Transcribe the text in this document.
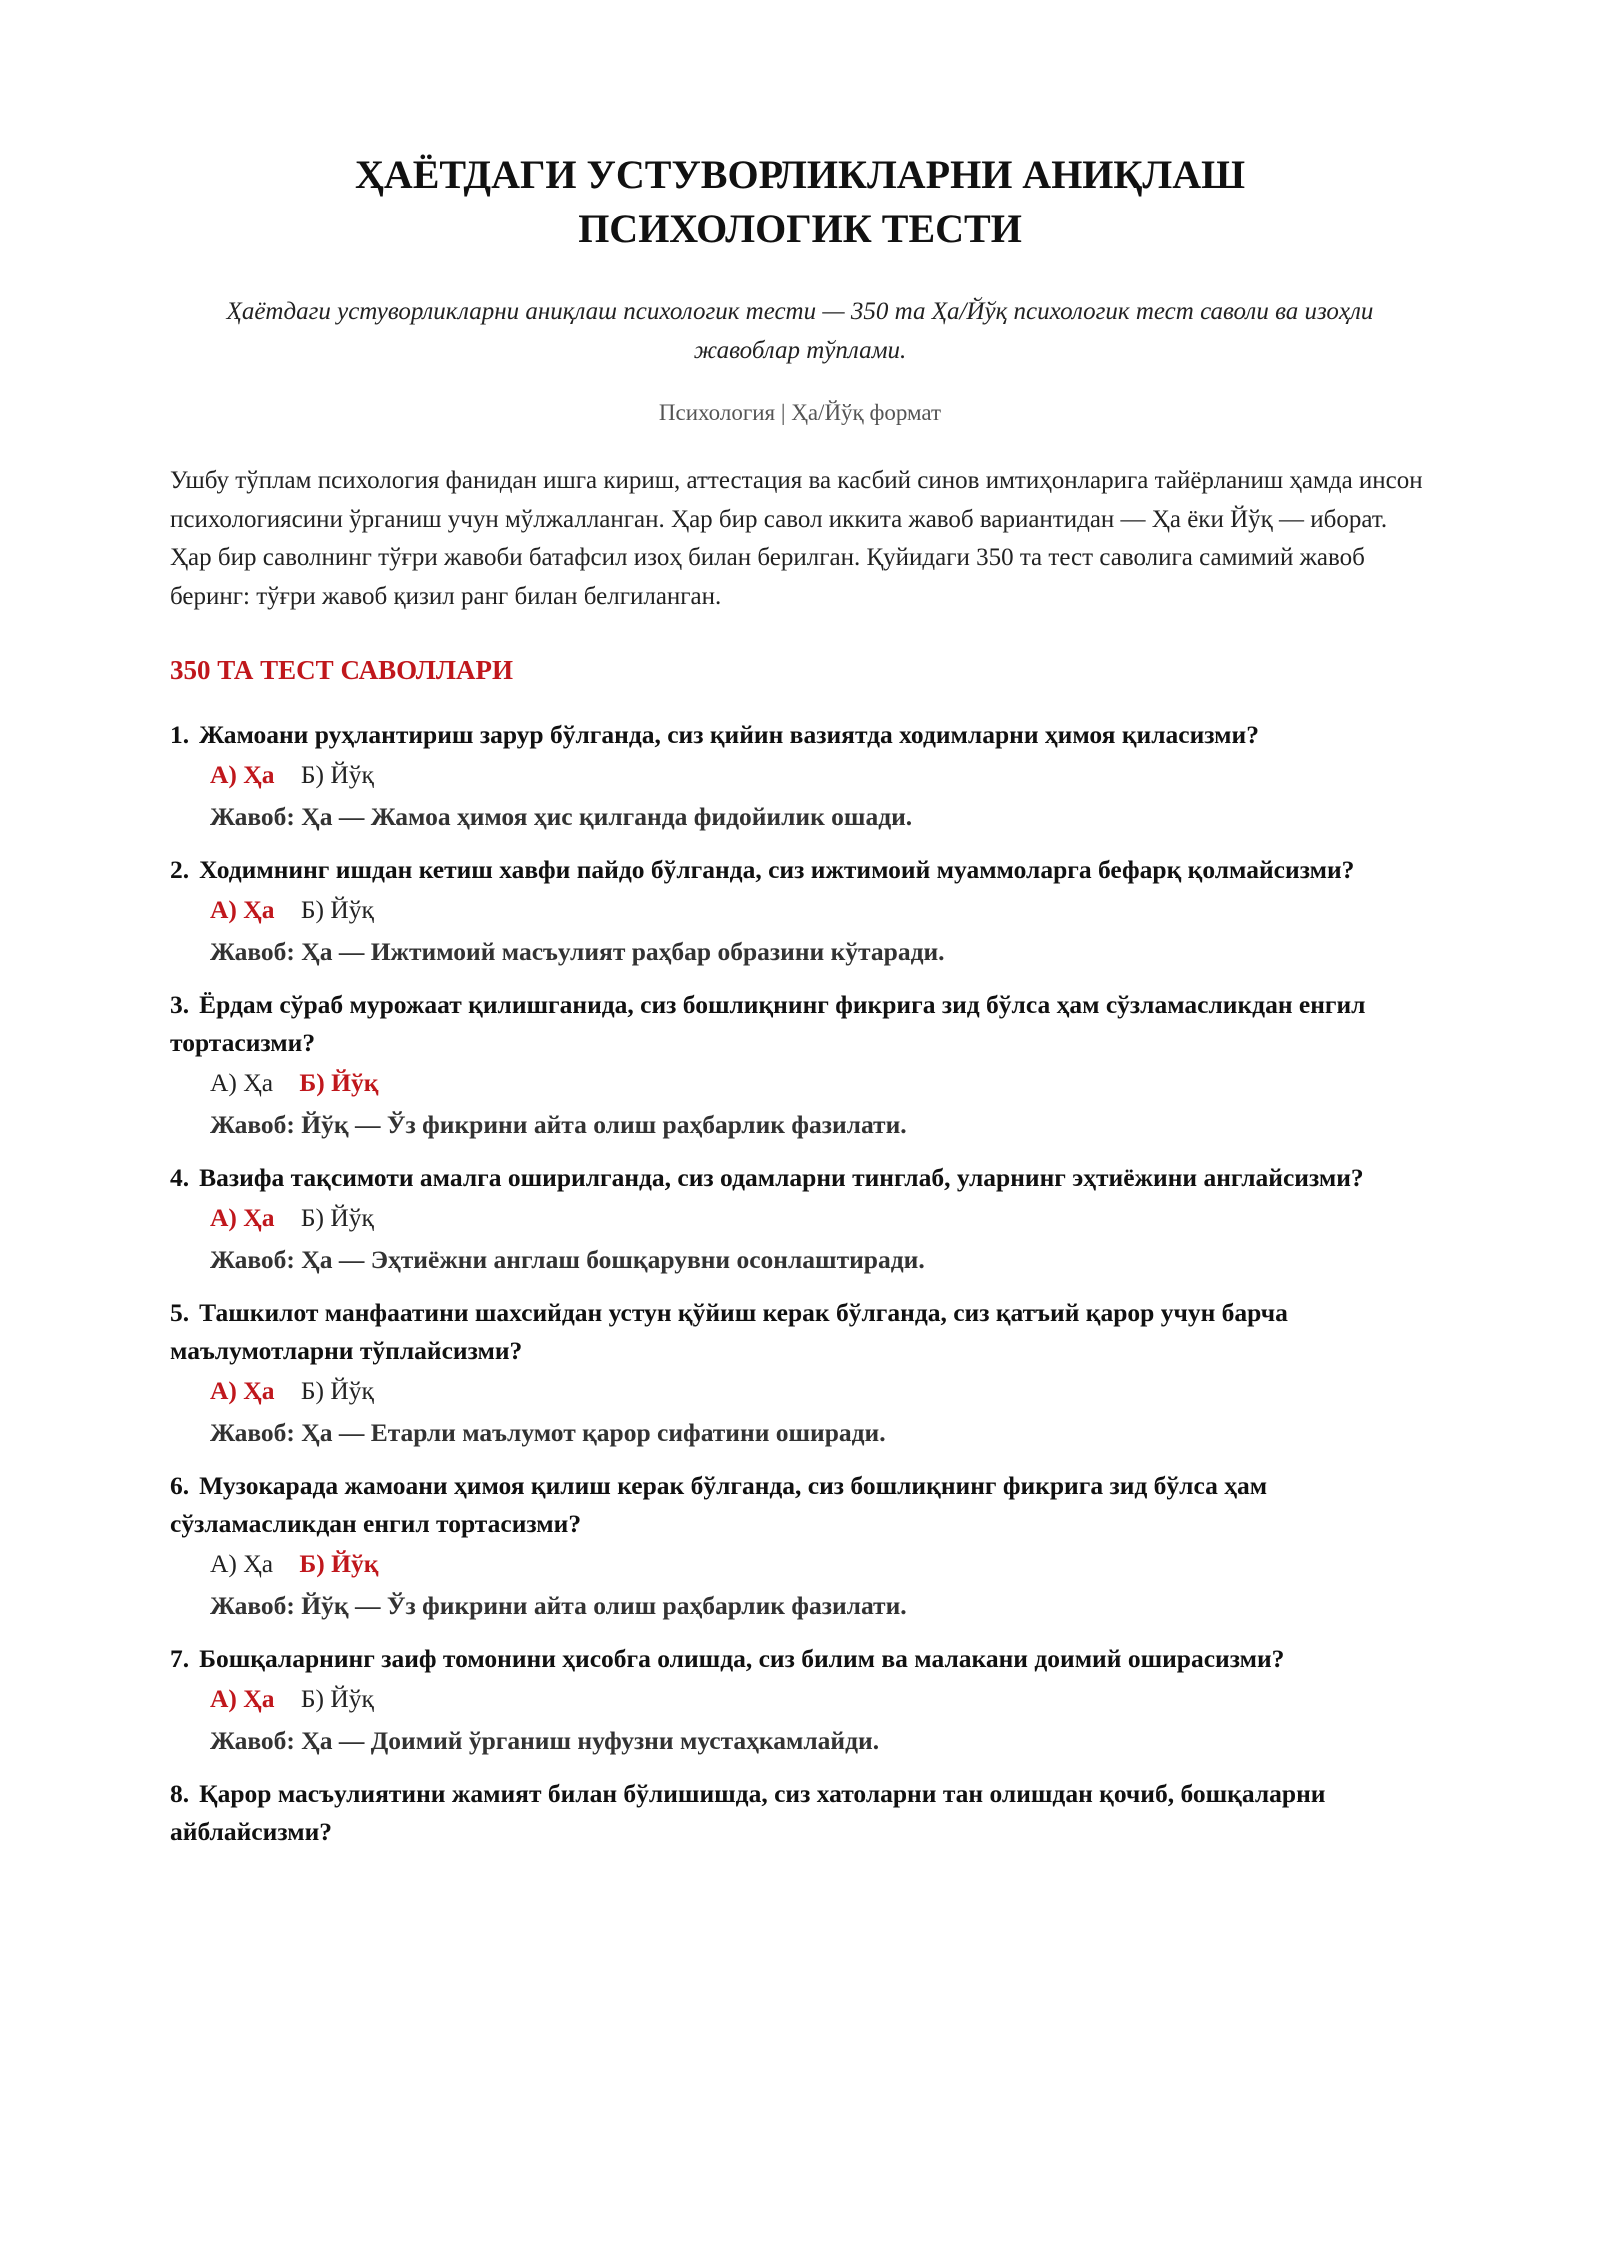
ҲАЁТДАГИ УСТУВОРЛИКЛАРНИ АНИҚЛАШ ПСИХОЛОГИК ТЕСТИ
Ҳаётдаги устуворликларни аниқлаш психологик тести — 350 та Ҳа/Йўқ психологик тест саволи ва изоҳли жавоблар тўплами.
Психология | Ҳа/Йўқ формат
Ушбу тўплам психология фанидан ишга кириш, аттестация ва касбий синов имтиҳонларига тайёрланиш ҳамда инсон психологиясини ўрганиш учун мўлжалланган. Ҳар бир савол иккита жавоб вариантидан — Ҳа ёки Йўқ — иборат. Ҳар бир саволнинг тўғри жавоби батафсил изоҳ билан берилган. Қуйидаги 350 та тест саволига самимий жавоб беринг: тўғри жавоб қизил ранг билан белгиланган.
350 ТА ТЕСТ САВОЛЛАРИ
1. Жамоани руҳлантириш зарур бўлганда, сиз қийин вазиятда ходимларни ҳимоя қиласизми?
А) Ҳа Б) Йўқ
Жавоб: Ҳа — Жамоа ҳимоя ҳис қилганда фидойилик ошади.
2. Ходимнинг ишдан кетиш хавфи пайдо бўлганда, сиз ижтимоий муаммоларга бефарқ қолмайсизми?
А) Ҳа Б) Йўқ
Жавоб: Ҳа — Ижтимоий масъулият раҳбар образини кўтаради.
3. Ёрдам сўраб мурожаат қилишганида, сиз бошлиқнинг фикрига зид бўлса ҳам сўзламасликдан енгил тортасизми?
А) Ҳа Б) Йўқ
Жавоб: Йўқ — Ўз фикрини айта олиш раҳбарлик фазилати.
4. Вазифа тақсимоти амалга оширилганда, сиз одамларни тинглаб, уларнинг эҳтиёжини англайсизми?
А) Ҳа Б) Йўқ
Жавоб: Ҳа — Эҳтиёжни англаш бошқарувни осонлаштиради.
5. Ташкилот манфаатини шахсийдан устун қўйиш керак бўлганда, сиз қатъий қарор учун барча маълумотларни тўплайсизми?
А) Ҳа Б) Йўқ
Жавоб: Ҳа — Етарли маълумот қарор сифатини оширади.
6. Музокарада жамоани ҳимоя қилиш керак бўлганда, сиз бошлиқнинг фикрига зид бўлса ҳам сўзламасликдан енгил тортасизми?
А) Ҳа Б) Йўқ
Жавоб: Йўқ — Ўз фикрини айта олиш раҳбарлик фазилати.
7. Бошқаларнинг заиф томонини ҳисобга олишда, сиз билим ва малакани доимий оширасизми?
А) Ҳа Б) Йўқ
Жавоб: Ҳа — Доимий ўрганиш нуфузни мустаҳкамлайди.
8. Қарор масъулиятини жамият билан бўлишишда, сиз хатоларни тан олишдан қочиб, бошқаларни айблайсизми?
